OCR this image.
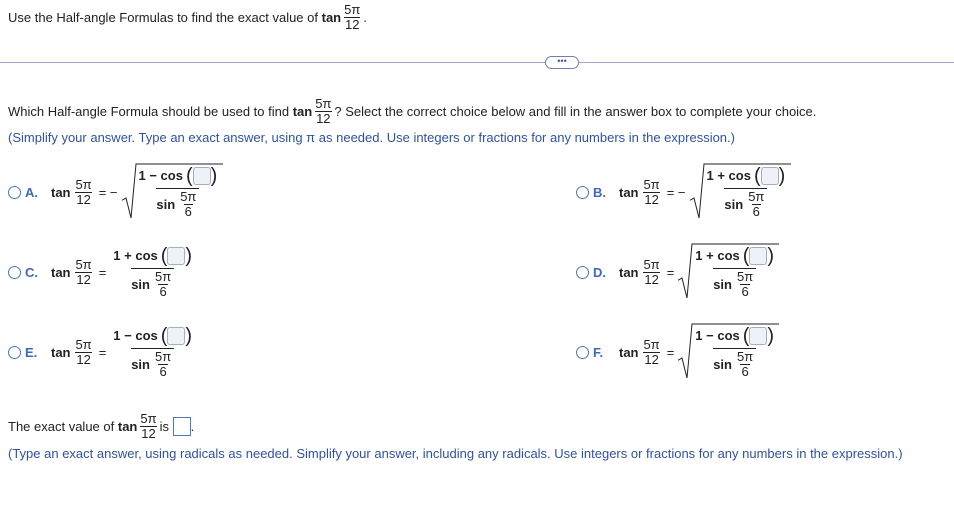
Use the Half-angle Formulas to find the exact value of
$\tan \frac{5\pi}{12}$ .
•••
Which Half-angle Formula should be used to find
$\tan \frac{5\pi}{12}$ ? Select the correct choice below and fill in the answer box to complete your choice.
(Simplify your answer. Type an exact answer, using π as needed. Use integers or fractions for any numbers in the expression.)
A.	$\tan \frac{5\pi}{12}$ = −
1 − cos ( )
$\sin \frac{5\pi}{6}$	B.	$\tan \frac{5\pi}{12}$ = −
1 + cos ( )
$\sin \frac{5\pi}{6}$
C.	$\tan \frac{5\pi}{12}$ =
1 + cos ( )
$\sin \frac{5\pi}{6}$	D.	$\tan \frac{5\pi}{12}$ =
1 + cos ( )
$\sin \frac{5\pi}{6}$
E.	$\tan \frac{5\pi}{12}$ =
1 − cos ( )
$\sin \frac{5\pi}{6}$	F.	$\tan \frac{5\pi}{12}$ =
1 − cos ( )
$\sin \frac{5\pi}{6}$
The exact value of
$\tan \frac{5\pi}{12}$ is
.
(Type an exact answer, using radicals as needed. Simplify your answer, including any radicals. Use integers or fractions for any numbers in the expression.)
